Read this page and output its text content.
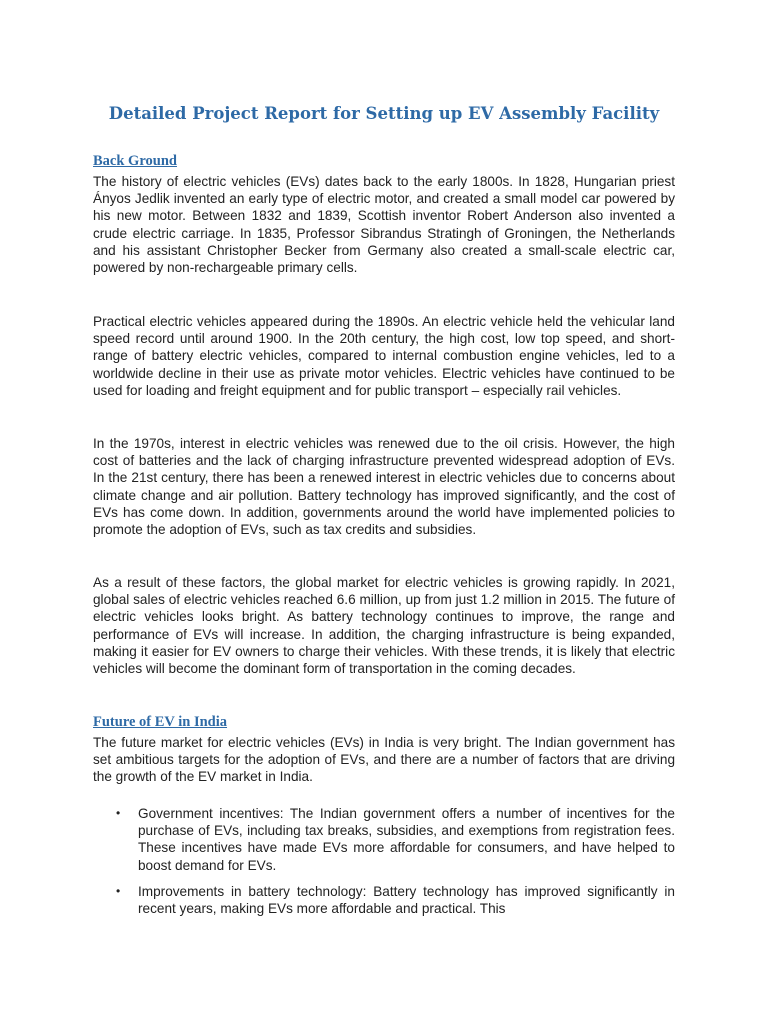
Detailed Project Report for Setting up EV Assembly Facility
Back Ground

The history of electric vehicles (EVs) dates back to the early 1800s. In 1828, Hungarian priest Ányos Jedlik invented an early type of electric motor, and created a small model car powered by his new motor. Between 1832 and 1839, Scottish inventor Robert Anderson also invented a crude electric carriage. In 1835, Professor Sibrandus Stratingh of Groningen, the Netherlands and his assistant Christopher Becker from Germany also created a small-scale electric car, powered by non-rechargeable primary cells.

Practical electric vehicles appeared during the 1890s. An electric vehicle held the vehicular land speed record until around 1900. In the 20th century, the high cost, low top speed, and short-range of battery electric vehicles, compared to internal combustion engine vehicles, led to a worldwide decline in their use as private motor vehicles. Electric vehicles have continued to be used for loading and freight equipment and for public transport – especially rail vehicles.

In the 1970s, interest in electric vehicles was renewed due to the oil crisis. However, the high cost of batteries and the lack of charging infrastructure prevented widespread adoption of EVs. In the 21st century, there has been a renewed interest in electric vehicles due to concerns about climate change and air pollution. Battery technology has improved significantly, and the cost of EVs has come down. In addition, governments around the world have implemented policies to promote the adoption of EVs, such as tax credits and subsidies.

As a result of these factors, the global market for electric vehicles is growing rapidly. In 2021, global sales of electric vehicles reached 6.6 million, up from just 1.2 million in 2015. The future of electric vehicles looks bright. As battery technology continues to improve, the range and performance of EVs will increase. In addition, the charging infrastructure is being expanded, making it easier for EV owners to charge their vehicles. With these trends, it is likely that electric vehicles will become the dominant form of transportation in the coming decades.

Future of EV in India

The future market for electric vehicles (EVs) in India is very bright. The Indian government has set ambitious targets for the adoption of EVs, and there are a number of factors that are driving the growth of the EV market in India.

• Government incentives: The Indian government offers a number of incentives for the purchase of EVs, including tax breaks, subsidies, and exemptions from registration fees. These incentives have made EVs more affordable for consumers, and have helped to boost demand for EVs.
• Improvements in battery technology: Battery technology has improved significantly in recent years, making EVs more affordable and practical. This
